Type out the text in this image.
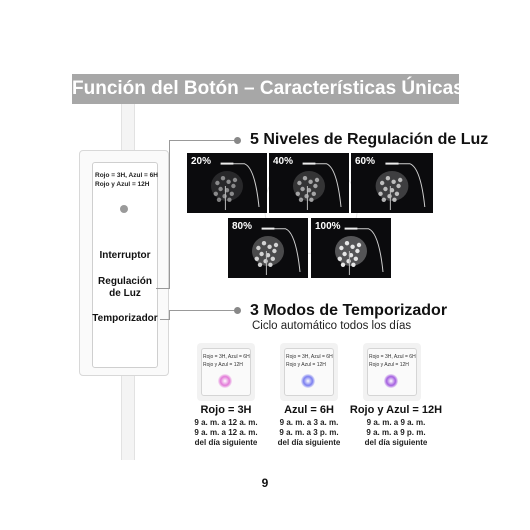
Función del Botón – Características Únicas
Rojo = 3H, Azul = 6H
Rojo y Azul = 12H
Interruptor
Regulación
de Luz
Temporizador
5 Niveles de Regulación de Luz
20%	40%	60%
80%	100%
3 Modos de Temporizador
Ciclo automático todos los días
Rojo = 3H, Azul = 6H
Rojo y Azul = 12H
Rojo = 3H
9 a. m. a 12 a. m.
9 a. m. a 12 a. m.
del día siguiente
Rojo = 3H, Azul = 6H
Rojo y Azul = 12H
Azul = 6H
9 a. m. a 3 a. m.
9 a. m. a 3 p. m.
del día siguiente
Rojo = 3H, Azul = 6H
Rojo y Azul = 12H
Rojo y Azul = 12H
9 a. m. a 9 a. m.
9 a. m. a 9 p. m.
del día siguiente
9
